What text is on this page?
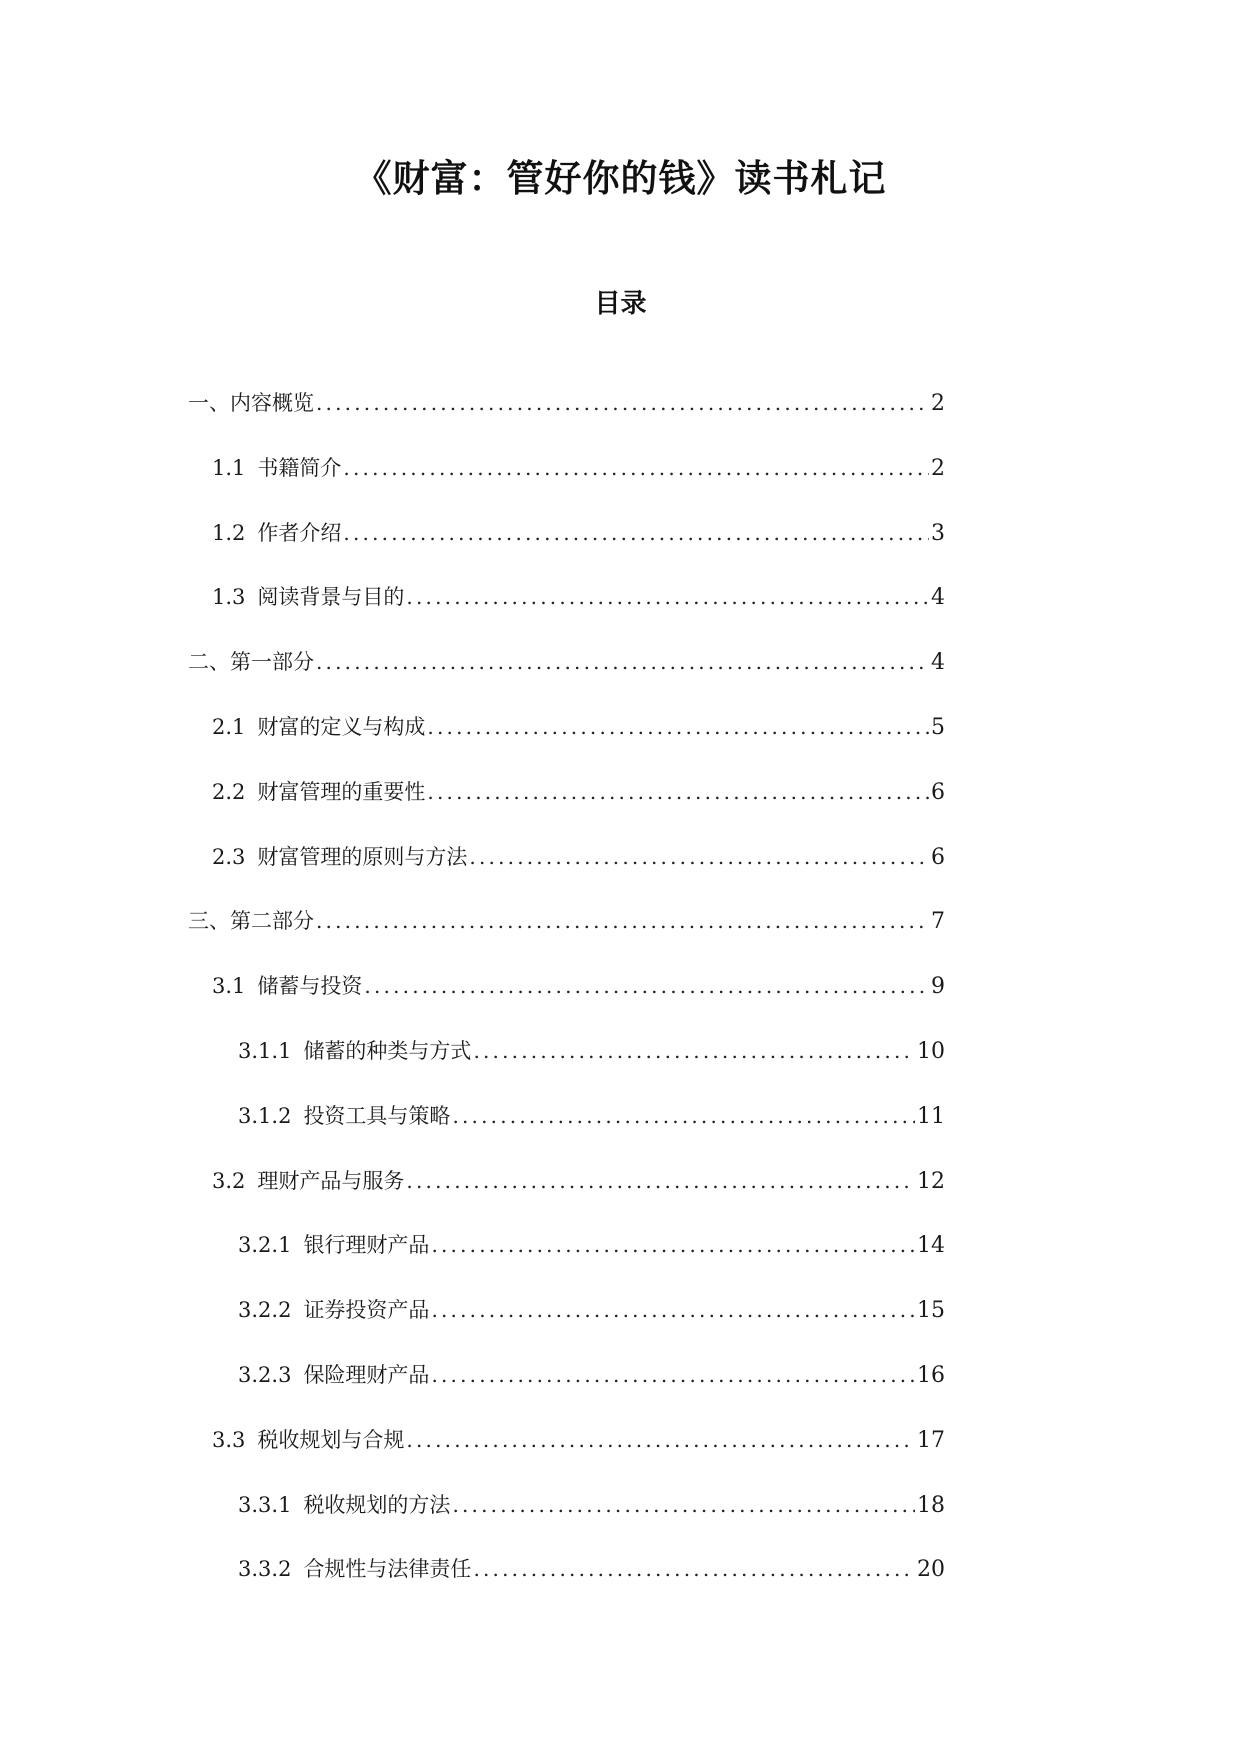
《财富：管好你的钱》读书札记
目录
一、内容概览 .....	2
1.1 书籍简介 .....	2
1.2 作者介绍 .....	3
1.3 阅读背景与目的 .....	4
二、第一部分 .....	4
2.1 财富的定义与构成 .....	5
2.2 财富管理的重要性 .....	6
2.3 财富管理的原则与方法 .....	6
三、第二部分 .....	7
3.1 储蓄与投资 .....	9
3.1.1 储蓄的种类与方式 .....	10
3.1.2 投资工具与策略 .....	11
3.2 理财产品与服务 .....	12
3.2.1 银行理财产品 .....	14
3.2.2 证券投资产品 .....	15
3.2.3 保险理财产品 .....	16
3.3 税收规划与合规 .....	17
3.3.1 税收规划的方法 .....	18
3.3.2 合规性与法律责任 .....	20
